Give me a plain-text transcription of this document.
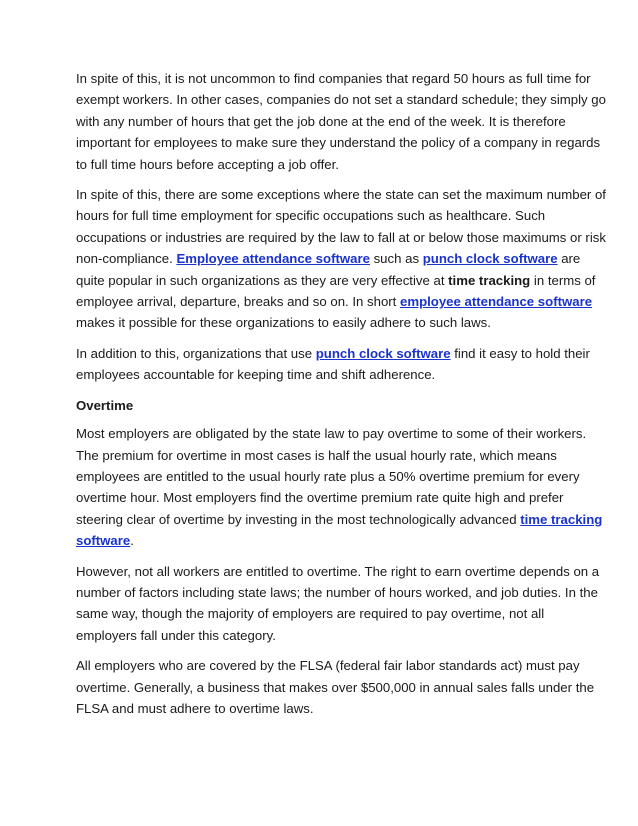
In spite of this, it is not uncommon to find companies that regard 50 hours as full time for exempt workers. In other cases, companies do not set a standard schedule; they simply go with any number of hours that get the job done at the end of the week. It is therefore important for employees to make sure they understand the policy of a company in regards to full time hours before accepting a job offer.

In spite of this, there are some exceptions where the state can set the maximum number of hours for full time employment for specific occupations such as healthcare. Such occupations or industries are required by the law to fall at or below those maximums or risk non-compliance. Employee attendance software such as punch clock software are quite popular in such organizations as they are very effective at time tracking in terms of employee arrival, departure, breaks and so on. In short employee attendance software makes it possible for these organizations to easily adhere to such laws.

In addition to this, organizations that use punch clock software find it easy to hold their employees accountable for keeping time and shift adherence.

Overtime

Most employers are obligated by the state law to pay overtime to some of their workers. The premium for overtime in most cases is half the usual hourly rate, which means employees are entitled to the usual hourly rate plus a 50% overtime premium for every overtime hour. Most employers find the overtime premium rate quite high and prefer steering clear of overtime by investing in the most technologically advanced time tracking software.

However, not all workers are entitled to overtime. The right to earn overtime depends on a number of factors including state laws; the number of hours worked, and job duties. In the same way, though the majority of employers are required to pay overtime, not all employers fall under this category.

All employers who are covered by the FLSA (federal fair labor standards act) must pay overtime. Generally, a business that makes over $500,000 in annual sales falls under the FLSA and must adhere to overtime laws.
